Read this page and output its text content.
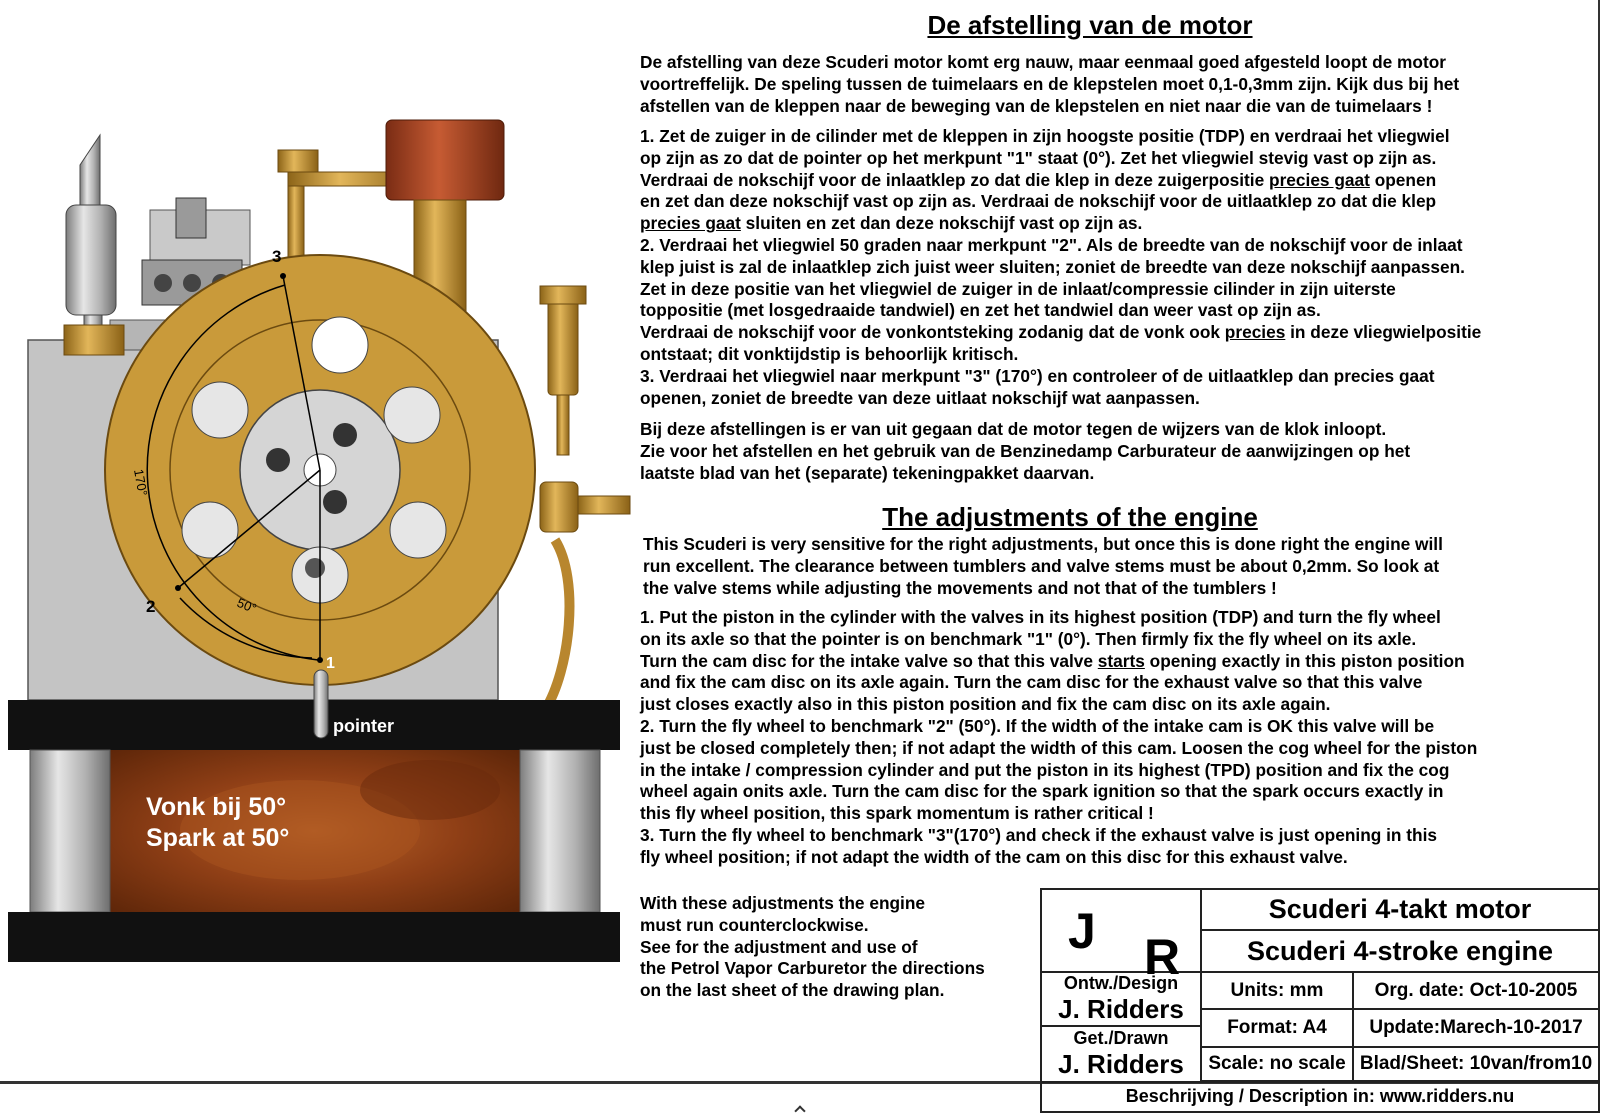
1
2
3
170°
50°
pointer
Vonk bij 50°
Spark at 50°
De afstelling van de motor
De afstelling van deze Scuderi motor komt erg nauw, maar eenmaal goed afgesteld loopt de motor
voortreffelijk. De speling tussen de tuimelaars en de klepstelen moet 0,1-0,3mm zijn. Kijk dus bij het
afstellen van de kleppen naar de beweging van de klepstelen en niet naar die van de tuimelaars !
1. Zet de zuiger in de cilinder met de kleppen in zijn hoogste positie (TDP) en verdraai het vliegwiel
op zijn as zo dat de pointer op het merkpunt "1" staat (0°). Zet het vliegwiel stevig vast op zijn as.
Verdraai de nokschijf voor de inlaatklep zo dat die klep in deze zuigerpositie precies gaat openen
en zet dan deze nokschijf vast op zijn as. Verdraai de nokschijf voor de uitlaatklep zo dat die klep
precies gaat sluiten en zet dan deze nokschijf vast op zijn as.
2. Verdraai het vliegwiel 50 graden naar merkpunt "2". Als de breedte van de nokschijf voor de inlaat
klep juist is zal de inlaatklep zich juist weer sluiten; zoniet de breedte van deze nokschijf aanpassen.
Zet in deze positie van het vliegwiel de zuiger in de inlaat/compressie cilinder in zijn uiterste
toppositie (met losgedraaide tandwiel) en zet het tandwiel dan weer vast op zijn as.
Verdraai de nokschijf voor de vonkontsteking zodanig dat de vonk ook precies in deze vliegwielpositie
ontstaat; dit vonktijdstip is behoorlijk kritisch.
3. Verdraai het vliegwiel naar merkpunt "3" (170°) en controleer of de uitlaatklep dan precies gaat
openen, zoniet de breedte van deze uitlaat nokschijf wat aanpassen.
Bij deze afstellingen is er van uit gegaan dat de motor tegen de wijzers van de klok inloopt.
Zie voor het afstellen en het gebruik van de Benzinedamp Carburateur de aanwijzingen op het
laatste blad van het (separate) tekeningpakket daarvan.
The adjustments of the engine
This Scuderi is very sensitive for the right adjustments, but once this is done right the engine will
run excellent. The clearance between tumblers and valve stems must be about 0,2mm. So look at
the valve stems while adjusting the movements and not that of the tumblers !
1. Put the piston in the cylinder with the valves in its highest position (TDP) and turn the fly wheel
on its axle so that the pointer is on benchmark "1" (0°). Then firmly fix the fly wheel on its axle.
Turn the cam disc for the intake valve so that this valve starts opening exactly in this piston position
and fix the cam disc on its axle again. Turn the cam disc for the exhaust valve so that this valve
just closes exactly also in this piston position and fix the cam disc on its axle again.
2. Turn the fly wheel to benchmark "2" (50°). If the width of the intake cam is OK this valve will be
just be closed completely then; if not adapt the width of this cam. Loosen the cog wheel for the piston
in the intake / compression cylinder and put the piston in its highest (TPD) position and fix the cog
wheel again onits axle. Turn the cam disc for the spark ignition so that the spark occurs exactly in
this fly wheel position, this spark momentum is rather critical !
3. Turn the fly wheel to benchmark "3"(170°) and check if the exhaust valve is just opening in this
fly wheel position; if not adapt the width of the cam on this disc for this exhaust valve.
With these adjustments the engine
must run counterclockwise.
See for the adjustment and use of
the Petrol Vapor Carburetor the directions
on the last sheet of the drawing plan.
J R
Scuderi 4-takt motor
Scuderi 4-stroke engine
Ontw./Design
J. Ridders
Get./Drawn
J. Ridders
Units: mm
Format: A4
Scale: no scale
Org. date: Oct-10-2005
Update:Marech-10-2017
Blad/Sheet: 10van/from10
Beschrijving / Description in: www.ridders.nu
